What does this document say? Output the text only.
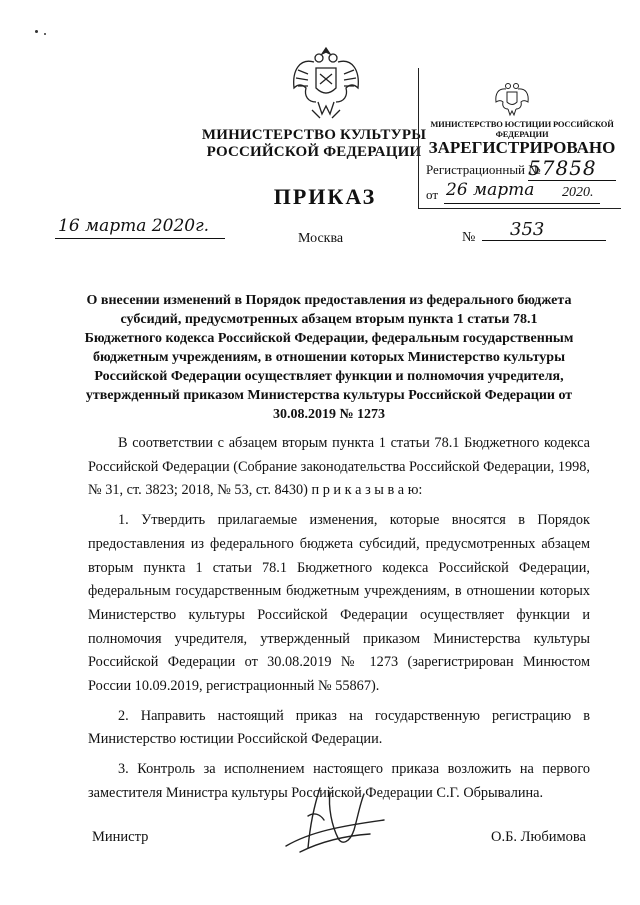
МИНИСТЕРСТВО КУЛЬТУРЫ
РОССИЙСКОЙ ФЕДЕРАЦИИ
МИНИСТЕРСТВО ЮСТИЦИИ РОССИЙСКОЙ ФЕДЕРАЦИИ
ЗАРЕГИСТРИРОВАНО
Регистрационный №
57858
от 26 марта 2020.
ПРИКАЗ
16 марта 2020г.
Москва	№ 353
О внесении изменений в Порядок предоставления из федерального бюджета субсидий, предусмотренных абзацем вторым пункта 1 статьи 78.1 Бюджетного кодекса Российской Федерации, федеральным государственным бюджетным учреждениям, в отношении которых Министерство культуры Российской Федерации осуществляет функции и полномочия учредителя, утвержденный приказом Министерства культуры Российской Федерации от 30.08.2019 № 1273

В соответствии с абзацем вторым пункта 1 статьи 78.1 Бюджетного кодекса Российской Федерации (Собрание законодательства Российской Федерации, 1998, № 31, ст. 3823; 2018, № 53, ст. 8430) п р и к а з ы в а ю:

1. Утвердить прилагаемые изменения, которые вносятся в Порядок предоставления из федерального бюджета субсидий, предусмотренных абзацем вторым пункта 1 статьи 78.1 Бюджетного кодекса Российской Федерации, федеральным государственным бюджетным учреждениям, в отношении которых Министерство культуры Российской Федерации осуществляет функции и полномочия учредителя, утвержденный приказом Министерства культуры Российской Федерации от 30.08.2019 № 1273 (зарегистрирован Минюстом России 10.09.2019, регистрационный № 55867).

2. Направить настоящий приказ на государственную регистрацию в Министерство юстиции Российской Федерации.

3. Контроль за исполнением настоящего приказа возложить на первого заместителя Министра культуры Российской Федерации С.Г. Обрывалина.

Министр	О.Б. Любимова
